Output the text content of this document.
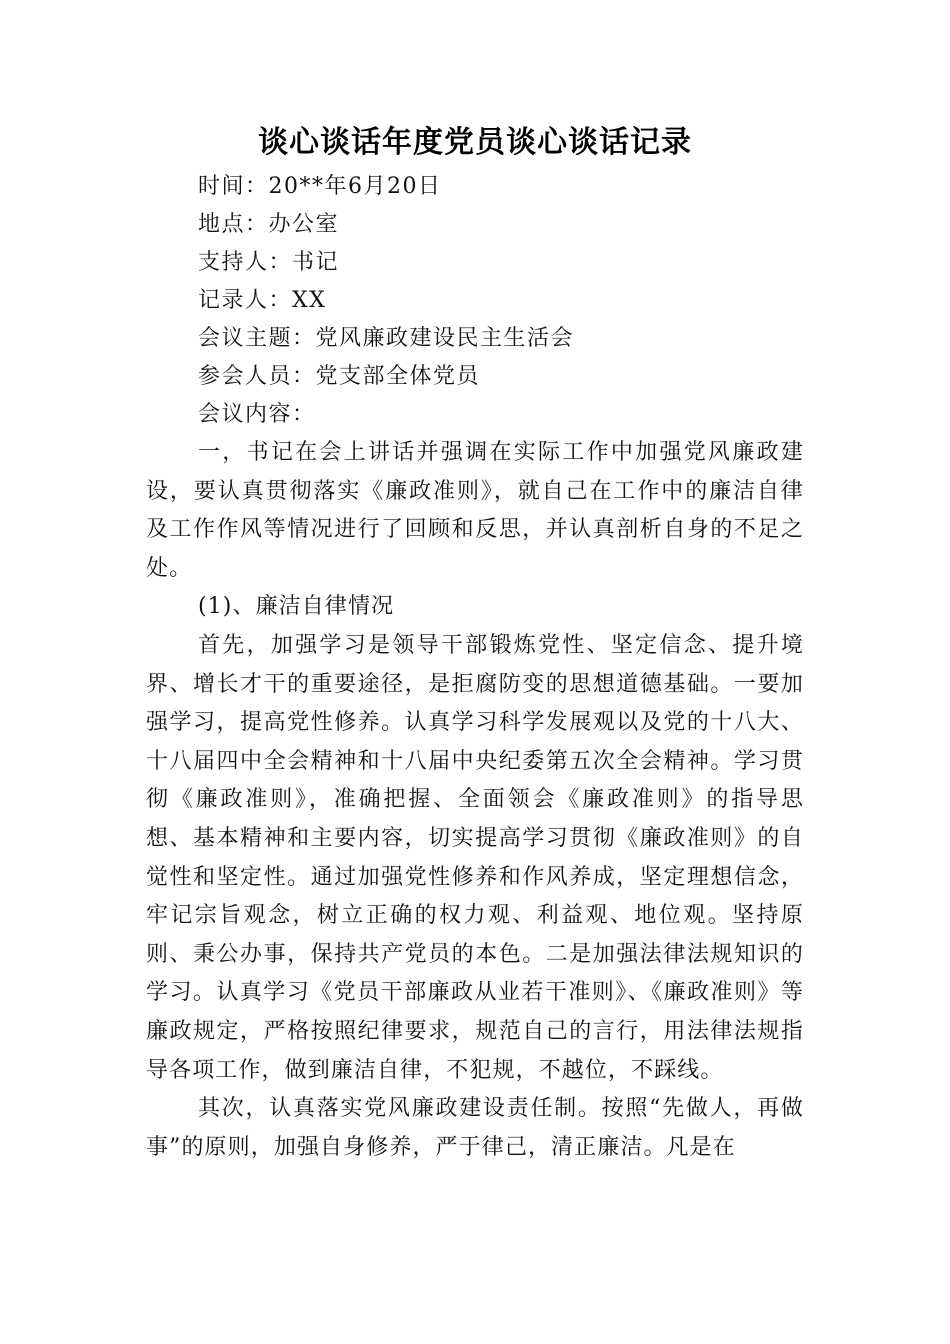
谈心谈话年度党员谈心谈话记录

时间：20**年6月20日

地点：办公室

支持人：书记

记录人：XX

会议主题：党风廉政建设民主生活会

参会人员：党支部全体党员

会议内容：

一，书记在会上讲话并强调在实际工作中加强党风廉政建设，要认真贯彻落实《廉政准则》，就自己在工作中的廉洁自律及工作作风等情况进行了回顾和反思，并认真剖析自身的不足之处。

(1)、廉洁自律情况

首先，加强学习是领导干部锻炼党性、坚定信念、提升境界、增长才干的重要途径，是拒腐防变的思想道德基础。一要加强学习，提高党性修养。认真学习科学发展观以及党的十八大、十八届四中全会精神和十八届中央纪委第五次全会精神。学习贯彻《廉政准则》，准确把握、全面领会《廉政准则》的指导思想、基本精神和主要内容，切实提高学习贯彻《廉政准则》的自觉性和坚定性。通过加强党性修养和作风养成，坚定理想信念，牢记宗旨观念，树立正确的权力观、利益观、地位观。坚持原则、秉公办事，保持共产党员的本色。二是加强法律法规知识的学习。认真学习《党员干部廉政从业若干准则》、《廉政准则》等廉政规定，严格按照纪律要求，规范自己的言行，用法律法规指导各项工作，做到廉洁自律，不犯规，不越位，不踩线。

其次，认真落实党风廉政建设责任制。按照“先做人，再做事”的原则，加强自身修养，严于律己，清正廉洁。凡是在
